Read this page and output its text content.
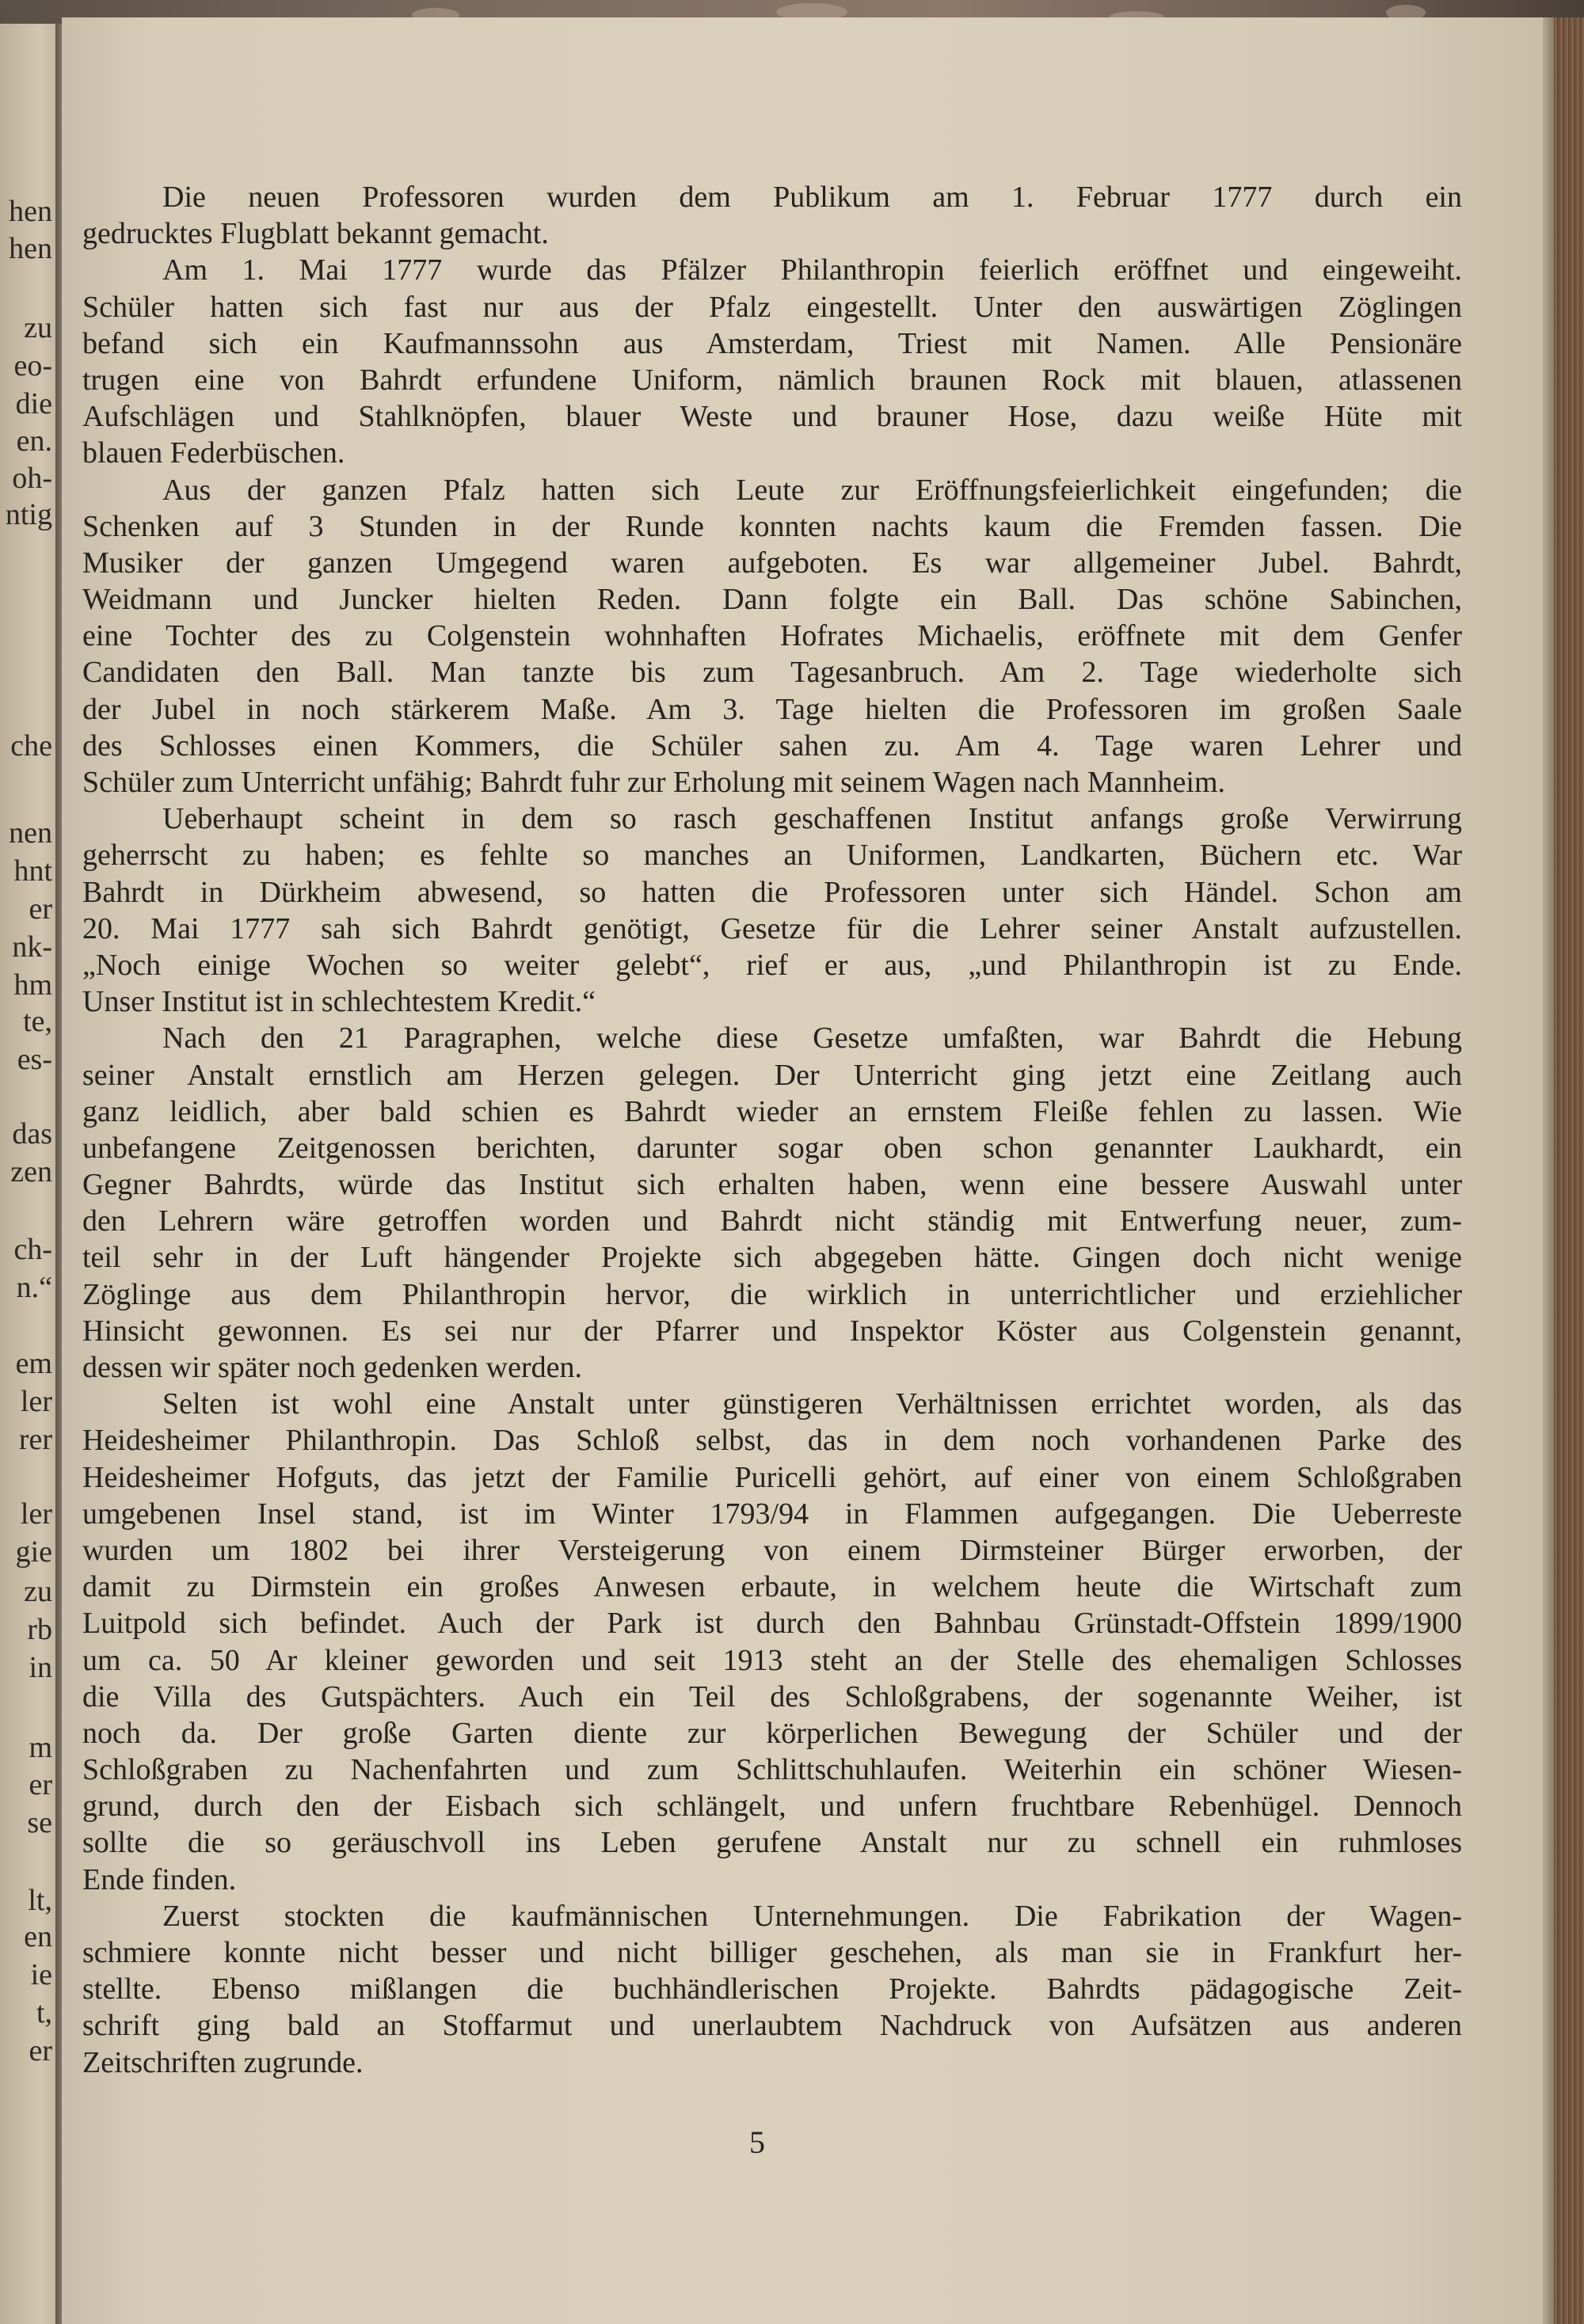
hen
hen
zu
eo-
die
en.
oh-
ntig
che
nen
hnt
er
nk-
hm
te,
es-
das
zen
ch-
n.“
em
ler
rer
ler
gie
zu
rb
in
m
er
se
lt,
en
ie
t,
er
Die neuen Professoren wurden dem Publikum am 1. Februar 1777 durch ein
gedrucktes Flugblatt bekannt gemacht.
Am 1. Mai 1777 wurde das Pfälzer Philanthropin feierlich eröffnet und eingeweiht.
Schüler hatten sich fast nur aus der Pfalz eingestellt. Unter den auswärtigen Zöglingen
befand sich ein Kaufmannssohn aus Amsterdam, Triest mit Namen. Alle Pensionäre
trugen eine von Bahrdt erfundene Uniform, nämlich braunen Rock mit blauen, atlassenen
Aufschlägen und Stahlknöpfen, blauer Weste und brauner Hose, dazu weiße Hüte mit
blauen Federbüschen.
Aus der ganzen Pfalz hatten sich Leute zur Eröffnungsfeierlichkeit eingefunden; die
Schenken auf 3 Stunden in der Runde konnten nachts kaum die Fremden fassen. Die
Musiker der ganzen Umgegend waren aufgeboten. Es war allgemeiner Jubel. Bahrdt,
Weidmann und Juncker hielten Reden. Dann folgte ein Ball. Das schöne Sabinchen,
eine Tochter des zu Colgenstein wohnhaften Hofrates Michaelis, eröffnete mit dem Genfer
Candidaten den Ball. Man tanzte bis zum Tagesanbruch. Am 2. Tage wiederholte sich
der Jubel in noch stärkerem Maße. Am 3. Tage hielten die Professoren im großen Saale
des Schlosses einen Kommers, die Schüler sahen zu. Am 4. Tage waren Lehrer und
Schüler zum Unterricht unfähig; Bahrdt fuhr zur Erholung mit seinem Wagen nach Mannheim.
Ueberhaupt scheint in dem so rasch geschaffenen Institut anfangs große Verwirrung
geherrscht zu haben; es fehlte so manches an Uniformen, Landkarten, Büchern etc. War
Bahrdt in Dürkheim abwesend, so hatten die Professoren unter sich Händel. Schon am
20. Mai 1777 sah sich Bahrdt genötigt, Gesetze für die Lehrer seiner Anstalt aufzustellen.
„Noch einige Wochen so weiter gelebt“, rief er aus, „und Philanthropin ist zu Ende.
Unser Institut ist in schlechtestem Kredit.“
Nach den 21 Paragraphen, welche diese Gesetze umfaßten, war Bahrdt die Hebung
seiner Anstalt ernstlich am Herzen gelegen. Der Unterricht ging jetzt eine Zeitlang auch
ganz leidlich, aber bald schien es Bahrdt wieder an ernstem Fleiße fehlen zu lassen. Wie
unbefangene Zeitgenossen berichten, darunter sogar oben schon genannter Laukhardt, ein
Gegner Bahrdts, würde das Institut sich erhalten haben, wenn eine bessere Auswahl unter
den Lehrern wäre getroffen worden und Bahrdt nicht ständig mit Entwerfung neuer, zum-
teil sehr in der Luft hängender Projekte sich abgegeben hätte. Gingen doch nicht wenige
Zöglinge aus dem Philanthropin hervor, die wirklich in unterrichtlicher und erziehlicher
Hinsicht gewonnen. Es sei nur der Pfarrer und Inspektor Köster aus Colgenstein genannt,
dessen wir später noch gedenken werden.
Selten ist wohl eine Anstalt unter günstigeren Verhältnissen errichtet worden, als das
Heidesheimer Philanthropin. Das Schloß selbst, das in dem noch vorhandenen Parke des
Heidesheimer Hofguts, das jetzt der Familie Puricelli gehört, auf einer von einem Schloßgraben
umgebenen Insel stand, ist im Winter 1793/94 in Flammen aufgegangen. Die Ueberreste
wurden um 1802 bei ihrer Versteigerung von einem Dirmsteiner Bürger erworben, der
damit zu Dirmstein ein großes Anwesen erbaute, in welchem heute die Wirtschaft zum
Luitpold sich befindet. Auch der Park ist durch den Bahnbau Grünstadt-Offstein 1899/1900
um ca. 50 Ar kleiner geworden und seit 1913 steht an der Stelle des ehemaligen Schlosses
die Villa des Gutspächters. Auch ein Teil des Schloßgrabens, der sogenannte Weiher, ist
noch da. Der große Garten diente zur körperlichen Bewegung der Schüler und der
Schloßgraben zu Nachenfahrten und zum Schlittschuhlaufen. Weiterhin ein schöner Wiesen-
grund, durch den der Eisbach sich schlängelt, und unfern fruchtbare Rebenhügel. Dennoch
sollte die so geräuschvoll ins Leben gerufene Anstalt nur zu schnell ein ruhmloses
Ende finden.
Zuerst stockten die kaufmännischen Unternehmungen. Die Fabrikation der Wagen-
schmiere konnte nicht besser und nicht billiger geschehen, als man sie in Frankfurt her-
stellte. Ebenso mißlangen die buchhändlerischen Projekte. Bahrdts pädagogische Zeit-
schrift ging bald an Stoffarmut und unerlaubtem Nachdruck von Aufsätzen aus anderen
Zeitschriften zugrunde.
5
